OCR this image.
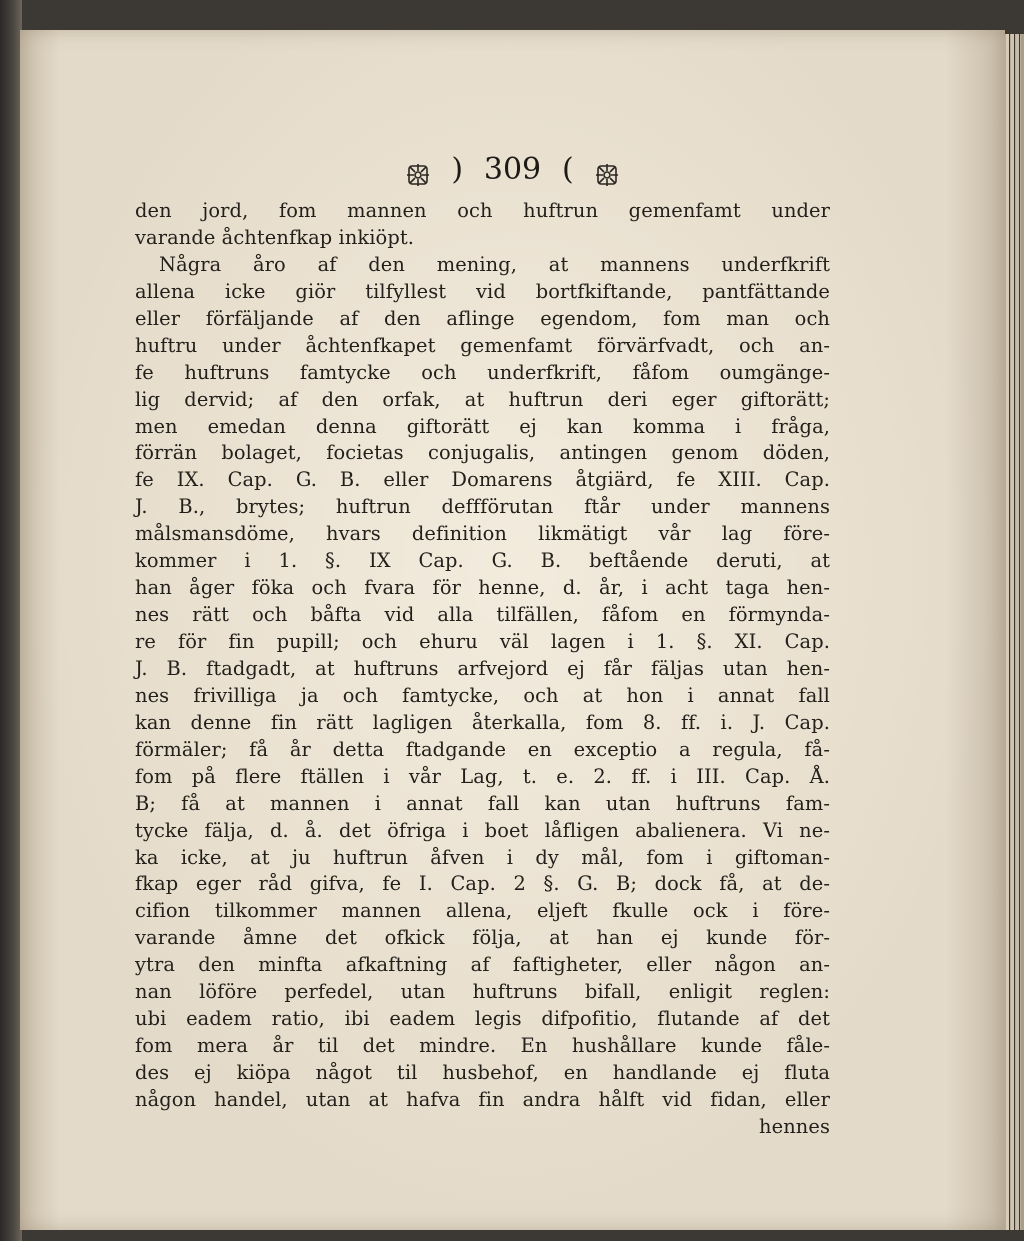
) 309 (
den jord, fom mannen och huftrun gemenfamt under
varande åchtenfkap inkiöpt.
Några åro af den mening, at mannens underfkrift
allena icke giör tilfyllest vid bortfkiftande, pantfättande
eller förfäljande af den aflinge egendom, fom man och
huftru under åchtenfkapet gemenfamt förvärfvadt, och an-
fe huftruns famtycke och underfkrift, fåfom oumgänge-
lig dervid; af den orfak, at huftrun deri eger giftorätt;
men emedan denna giftorätt ej kan komma i fråga,
förrän bolaget, focietas conjugalis, antingen genom döden,
fe IX. Cap. G. B. eller Domarens åtgiärd, fe XIII. Cap.
J. B., brytes; huftrun deffförutan ftår under mannens
målsmansdöme, hvars definition likmätigt vår lag före-
kommer i 1. §. IX Cap. G. B. beftående deruti, at
han åger föka och fvara för henne, d. år, i acht taga hen-
nes rätt och båfta vid alla tilfällen, fåfom en förmynda-
re för fin pupill; och ehuru väl lagen i 1. §. XI. Cap.
J. B. ftadgadt, at huftruns arfvejord ej får fäljas utan hen-
nes frivilliga ja och famtycke, och at hon i annat fall
kan denne fin rätt lagligen återkalla, fom 8. ff. i. J. Cap.
förmäler; få år detta ftadgande en exceptio a regula, få-
fom på flere ftällen i vår Lag, t. e. 2. ff. i III. Cap. Å.
B; få at mannen i annat fall kan utan huftruns fam-
tycke fälja, d. å. det öfriga i boet låfligen abalienera. Vi ne-
ka icke, at ju huftrun åfven i dy mål, fom i giftoman-
fkap eger råd gifva, fe I. Cap. 2 §. G. B; dock få, at de-
cifion tilkommer mannen allena, eljeft fkulle ock i före-
varande åmne det ofkick följa, at han ej kunde för-
ytra den minfta afkaftning af faftigheter, eller någon an-
nan löföre perfedel, utan huftruns bifall, enligit reglen:
ubi eadem ratio, ibi eadem legis difpofitio, flutande af det
fom mera år til det mindre. En hushållare kunde fåle-
des ej kiöpa något til husbehof, en handlande ej fluta
någon handel, utan at hafva fin andra hålft vid fidan, eller
hennes
